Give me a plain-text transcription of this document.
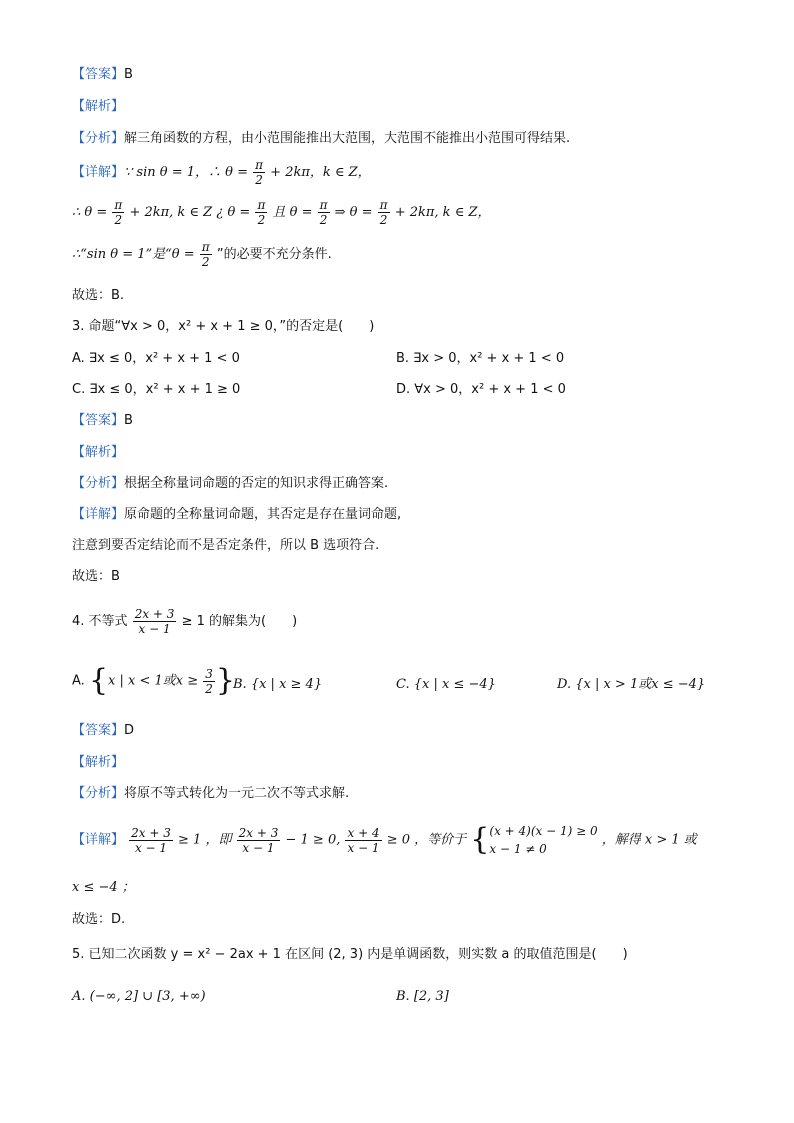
【答案】B
【解析】
【分析】解三角函数的方程，由小范围能推出大范围，大范围不能推出小范围可得结果.
【详解】∵ sin θ = 1，∴ $\theta = \frac{\pi}{2} + 2k\pi$，k ∈ Z，
∴ $\theta = \frac{\pi}{2} + 2k\pi$, k ∈ Z ¿ $\theta = \frac{\pi}{2}$ 且 $\theta = \frac{\pi}{2}$ ⇒ $\theta = \frac{\pi}{2} + 2k\pi$, k ∈ Z，
∴“sin θ = 1”是“$\theta = \frac{\pi}{2}$ ”的必要不充分条件.
故选：B.
3. 命题“∀x > 0，x² + x + 1 ≥ 0，”的否定是(　　)
A. ∃x ≤ 0，x² + x + 1 < 0	B. ∃x > 0，x² + x + 1 < 0
C. ∃x ≤ 0，x² + x + 1 ≥ 0	D. ∀x > 0，x² + x + 1 < 0
【答案】B
【解析】
【分析】根据全称量词命题的否定的知识求得正确答案.
【详解】原命题的全称量词命题，其否定是存在量词命题,
注意到要否定结论而不是否定条件，所以 B 选项符合.
故选：B
4. 不等式 $\frac{2x + 3}{x - 1} \ge 1$ 的解集为(　　)
A. {x | x < 1或$x \ge \frac{3}{2}$ }
B. {x | x ≥ 4}	C. {x | x ≤ −4}	D. {x | x > 1或x ≤ −4}
【答案】D
【解析】
【分析】将原不等式转化为一元二次不等式求解.
【详解】 $\frac{2x + 3}{x - 1} \ge 1$ ，即 $\frac{2x + 3}{x - 1} - 1 \ge 0$, $\frac{x + 4}{x - 1} \ge 0$ ，等价于 { (x + 4)(x − 1) ≥ 0
x − 1 ≠ 0
，解得 x > 1 或
x ≤ −4 ；
故选：D.
5. 已知二次函数 y = x² − 2ax + 1 在区间 (2, 3) 内是单调函数，则实数 a 的取值范围是(　　)
A. (−∞, 2] ∪ [3, +∞)	B. [2, 3]
